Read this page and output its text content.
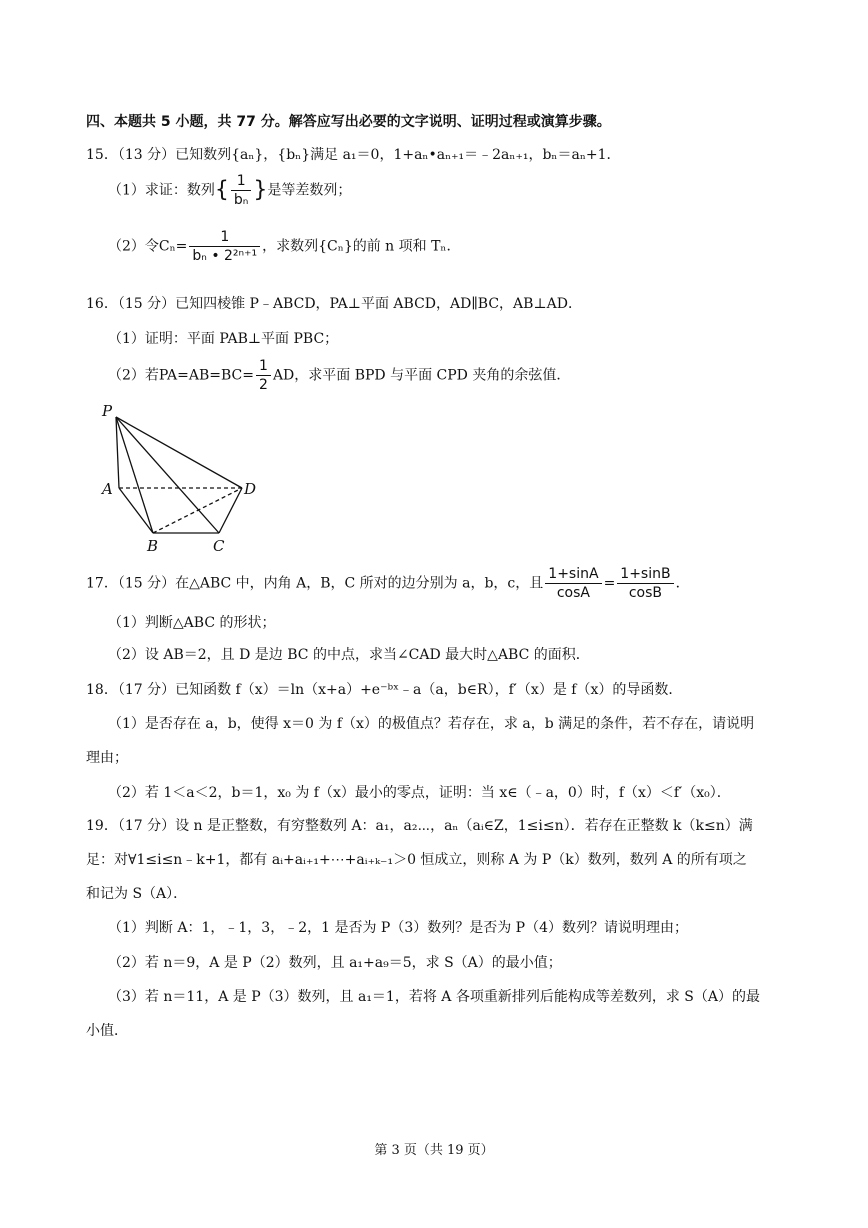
四、本题共 5 小题，共 77 分。解答应写出必要的文字说明、证明过程或演算步骤。
15．（13 分）已知数列{aₙ}，{bₙ}满足 a₁＝0，1+aₙ•aₙ₊₁＝﹣2aₙ₊₁，bₙ＝aₙ+1．
（1）求证：数列{ $\frac{1}{\text{bₙ}}$ }是等差数列；
（2）令$C_n= \frac{1}{\text{bₙ • 2²ⁿ⁺¹}}$ ，求数列{Cₙ}的前 n 项和 Tₙ．
16．（15 分）已知四棱锥 P﹣ABCD，PA⊥平面 ABCD，AD∥BC，AB⊥AD．
（1）证明：平面 PAB⊥平面 PBC；
（2）若$PA=AB=BC= \frac{1}{2}$ AD，求平面 BPD 与平面 CPD 夹角的余弦值．
P
A
B	C
D
17．（15 分）在△ABC 中，内角 A，B，C 所对的边分别为 a，b，c，且 $\frac{1+\sin A}{\cos A} = \frac{1+\sin B}{\cos B}$ ．
（1）判断△ABC 的形状；
（2）设 AB＝2，且 D 是边 BC 的中点，求当∠CAD 最大时△ABC 的面积．
18．（17 分）已知函数 f（x）＝ln（x+a）+e⁻ᵇˣ﹣a（a，b∈R），f′（x）是 f（x）的导函数．
（1）是否存在 a，b，使得 x＝0 为 f（x）的极值点？若存在，求 a，b 满足的条件，若不存在，请说明
理由；
（2）若 1＜a＜2，b＝1，x₀ 为 f（x）最小的零点，证明：当 x∈（﹣a，0）时，f（x）＜f′（x₀）．
19．（17 分）设 n 是正整数，有穷整数列 A：a₁，a₂⋯，aₙ（aᵢ∈Z，1≤i≤n）．若存在正整数 k（k≤n）满
足：对∀1≤i≤n﹣k+1，都有 aᵢ+aᵢ₊₁+⋯+aᵢ₊ₖ₋₁＞0 恒成立，则称 A 为 P（k）数列，数列 A 的所有项之
和记为 S（A）．
（1）判断 A：1，﹣1，3，﹣2，1 是否为 P（3）数列？是否为 P（4）数列？请说明理由；
（2）若 n＝9，A 是 P（2）数列，且 a₁+a₉＝5，求 S（A）的最小值；
（3）若 n＝11，A 是 P（3）数列，且 a₁＝1，若将 A 各项重新排列后能构成等差数列，求 S（A）的最
小值．
第 3 页（共 19 页）
